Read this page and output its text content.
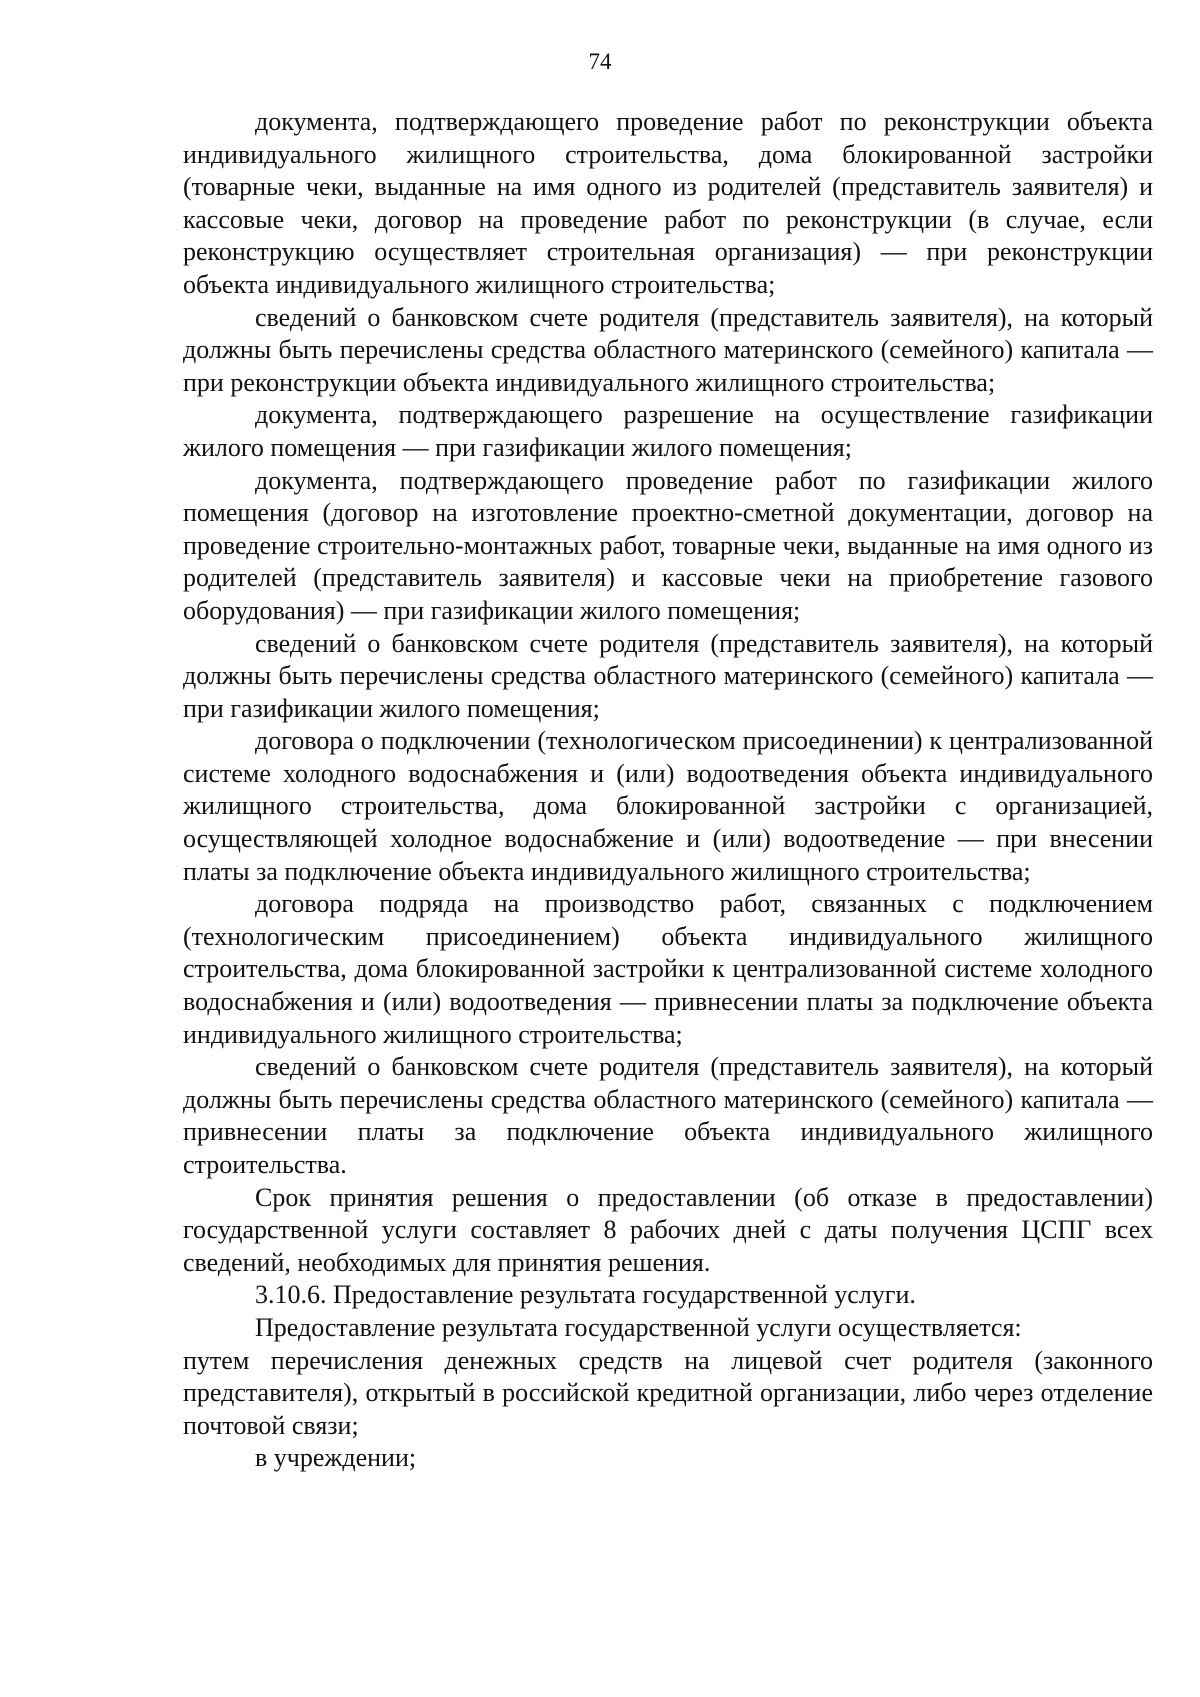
74

документа, подтверждающего проведение работ по реконструкции объекта индивидуального жилищного строительства, дома блокированной застройки (товарные чеки, выданные на имя одного из родителей (представитель заявителя) и кассовые чеки, договор на проведение работ по реконструкции (в случае, если реконструкцию осуществляет строительная организация) — при реконструкции объекта индивидуального жилищного строительства;

сведений о банковском счете родителя (представитель заявителя), на который должны быть перечислены средства областного материнского (семейного) капитала — при реконструкции объекта индивидуального жилищного строительства;

документа, подтверждающего разрешение на осуществление газификации жилого помещения — при газификации жилого помещения;

документа, подтверждающего проведение работ по газификации жилого помещения (договор на изготовление проектно-сметной документации, договор на проведение строительно-монтажных работ, товарные чеки, выданные на имя одного из родителей (представитель заявителя) и кассовые чеки на приобретение газового оборудования) — при газификации жилого помещения;

сведений о банковском счете родителя (представитель заявителя), на который должны быть перечислены средства областного материнского (семейного) капитала — при газификации жилого помещения;

договора о подключении (технологическом присоединении) к централизованной системе холодного водоснабжения и (или) водоотведения объекта индивидуального жилищного строительства, дома блокированной застройки с организацией, осуществляющей холодное водоснабжение и (или) водоотведение — при внесении платы за подключение объекта индивидуального жилищного строительства;

договора подряда на производство работ, связанных с подключением (технологическим присоединением) объекта индивидуального жилищного строительства, дома блокированной застройки к централизованной системе холодного водоснабжения и (или) водоотведения — привнесении платы за подключение объекта индивидуального жилищного строительства;

сведений о банковском счете родителя (представитель заявителя), на который должны быть перечислены средства областного материнского (семейного) капитала — привнесении платы за подключение объекта индивидуального жилищного строительства.

Срок принятия решения о предоставлении (об отказе в предоставлении) государственной услуги составляет 8 рабочих дней с даты получения ЦСПГ всех сведений, необходимых для принятия решения.

3.10.6. Предоставление результата государственной услуги.

Предоставление результата государственной услуги осуществляется:

путем перечисления денежных средств на лицевой счет родителя (законного представителя), открытый в российской кредитной организации, либо через отделение почтовой связи;

в учреждении;
